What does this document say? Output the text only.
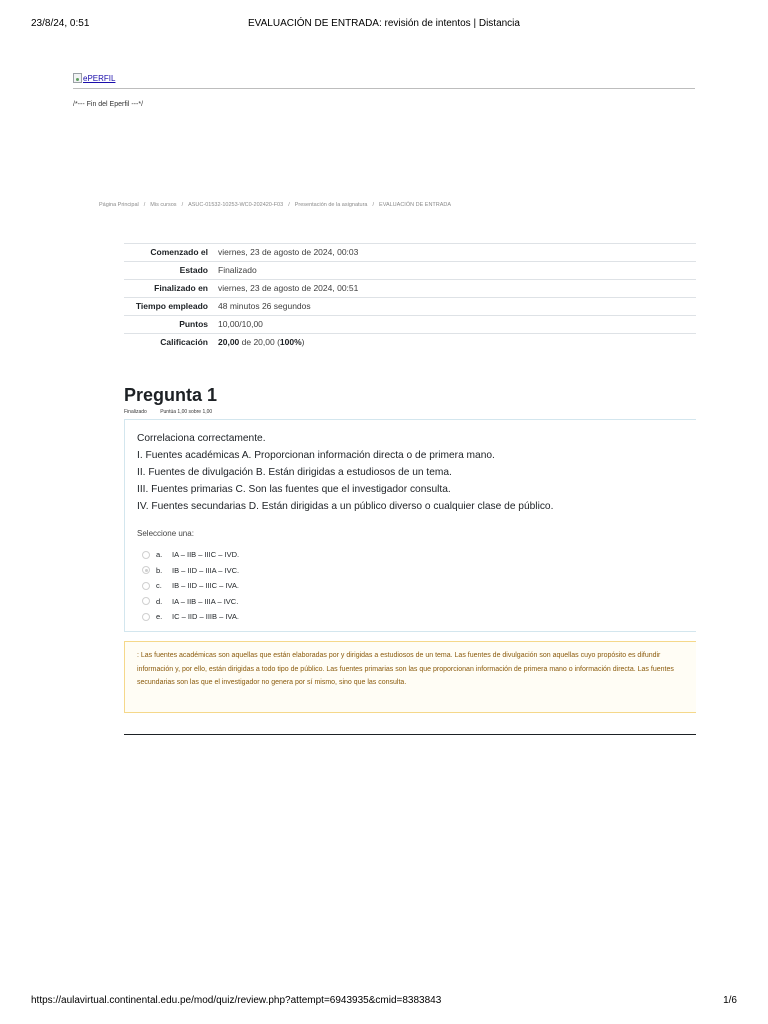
23/8/24, 0:51	EVALUACIÓN DE ENTRADA: revisión de intentos | Distancia
ePERFIL
/*--- Fin del Eperfil ---*/
Página Principal / Mis cursos / ASUC-01532-10253-WC0-202420-F03 / Presentación de la asignatura / EVALUACIÓN DE ENTRADA
Comenzado el	viernes, 23 de agosto de 2024, 00:03
Estado	Finalizado
Finalizado en	viernes, 23 de agosto de 2024, 00:51
Tiempo empleado	48 minutos 26 segundos
Puntos	10,00/10,00
Calificación	20,00 de 20,00 (100%)
Pregunta 1
Finalizado	Puntúa 1,00 sobre 1,00
Correlaciona correctamente.
I. Fuentes académicas A. Proporcionan información directa o de primera mano.
II. Fuentes de divulgación B. Están dirigidas a estudiosos de un tema.
III. Fuentes primarias C. Son las fuentes que el investigador consulta.
IV. Fuentes secundarias D. Están dirigidas a un público diverso o cualquier clase de público.
Seleccione una:
a.	IA – IIB – IIIC – IVD.
b.	IB – IID – IIIA – IVC.
c.	IB – IID – IIIC – IVA.
d.	IA – IIB – IIIA – IVC.
e.	IC – IID – IIIB – IVA.

: Las fuentes académicas son aquellas que están elaboradas por y dirigidas a estudiosos de un tema. Las fuentes de divulgación son aquellas cuyo propósito es difundir información y, por ello, están dirigidas a todo tipo de público. Las fuentes primarias son las que proporcionan información de primera mano o información directa. Las fuentes secundarias son las que el investigador no genera por sí mismo, sino que las consulta.

https://aulavirtual.continental.edu.pe/mod/quiz/review.php?attempt=6943935&cmid=8383843	1/6
